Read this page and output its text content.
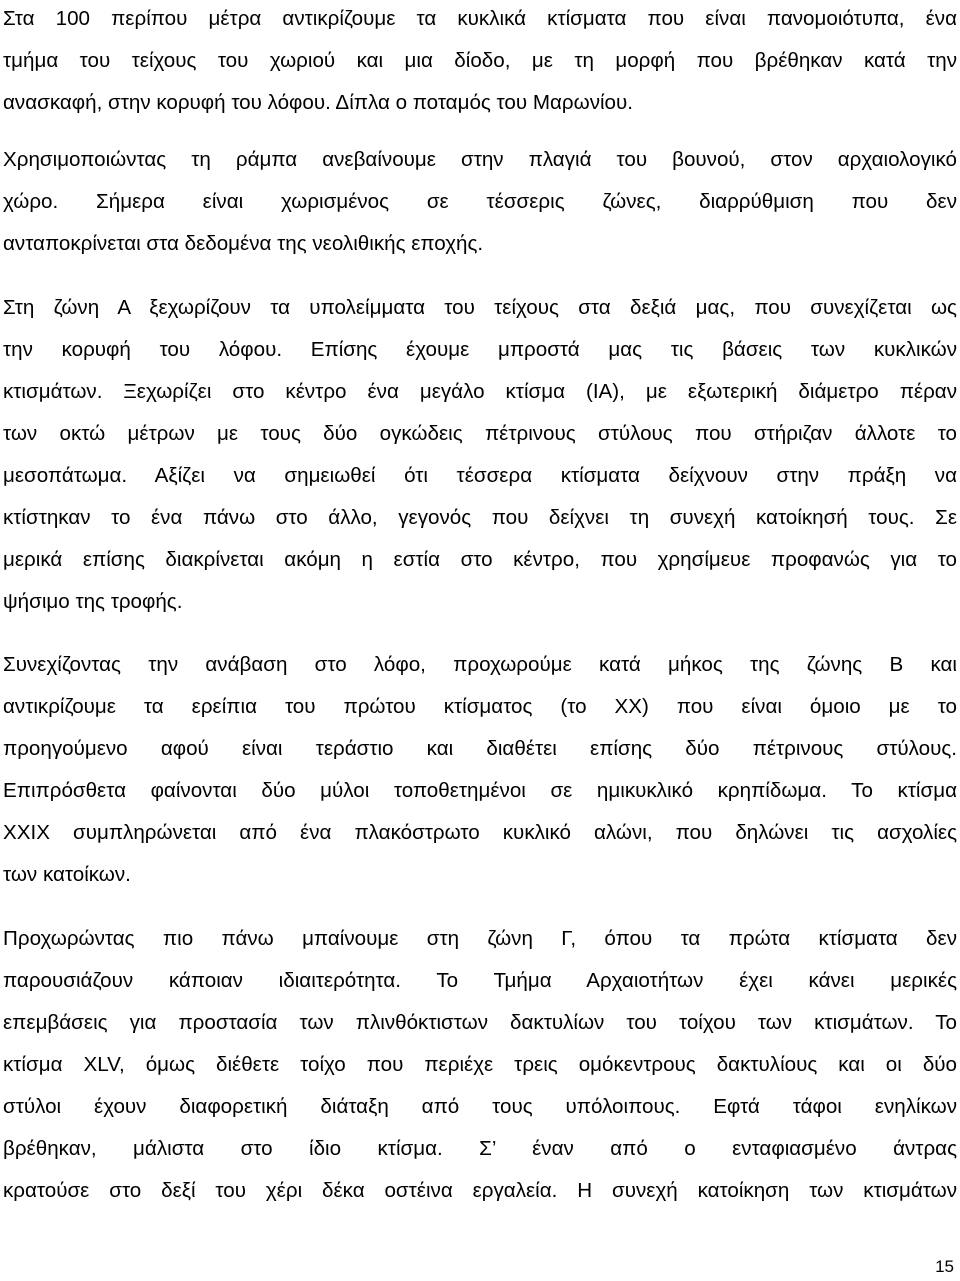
Στα 100 περίπου μέτρα αντικρίζουμε τα κυκλικά κτίσματα που είναι πανομοιότυπα, ένα
τμήμα του τείχους του χωριού και μια δίοδο, με τη μορφή που βρέθηκαν κατά την
ανασκαφή, στην κορυφή του λόφου. Δίπλα ο ποταμός του Μαρωνίου.
Χρησιμοποιώντας τη ράμπα ανεβαίνουμε στην πλαγιά του βουνού, στον αρχαιολογικό
χώρο. Σήμερα είναι χωρισμένος σε τέσσερις ζώνες, διαρρύθμιση που δεν
ανταποκρίνεται στα δεδομένα της νεολιθικής εποχής.
Στη ζώνη Α ξεχωρίζουν τα υπολείμματα του τείχους στα δεξιά μας, που συνεχίζεται ως
την κορυφή του λόφου. Επίσης έχουμε μπροστά μας τις βάσεις των κυκλικών
κτισμάτων. Ξεχωρίζει στο κέντρο ένα μεγάλο κτίσμα (ΙΑ), με εξωτερική διάμετρο πέραν
των οκτώ μέτρων με τους δύο ογκώδεις πέτρινους στύλους που στήριζαν άλλοτε το
μεσοπάτωμα. Αξίζει να σημειωθεί ότι τέσσερα κτίσματα δείχνουν στην πράξη να
κτίστηκαν το ένα πάνω στο άλλο, γεγονός που δείχνει τη συνεχή κατοίκησή τους. Σε
μερικά επίσης διακρίνεται ακόμη η εστία στο κέντρο, που χρησίμευε προφανώς για το
ψήσιμο της τροφής.
Συνεχίζοντας την ανάβαση στο λόφο, προχωρούμε κατά μήκος της ζώνης Β και
αντικρίζουμε τα ερείπια του πρώτου κτίσματος (το ΧΧ) που είναι όμοιο με το
προηγούμενο αφού είναι τεράστιο και διαθέτει επίσης δύο πέτρινους στύλους.
Επιπρόσθετα φαίνονται δύο μύλοι τοποθετημένοι σε ημικυκλικό κρηπίδωμα. Το κτίσμα
ΧΧΙΧ συμπληρώνεται από ένα πλακόστρωτο κυκλικό αλώνι, που δηλώνει τις ασχολίες
των κατοίκων.
Προχωρώντας πιο πάνω μπαίνουμε στη ζώνη Γ, όπου τα πρώτα κτίσματα δεν
παρουσιάζουν κάποιαν ιδιαιτερότητα. Το Τμήμα Αρχαιοτήτων έχει κάνει μερικές
επεμβάσεις για προστασία των πλινθόκτιστων δακτυλίων του τοίχου των κτισμάτων. Το
κτίσμα XLV, όμως διέθετε τοίχο που περιέχε τρεις ομόκεντρους δακτυλίους και οι δύο
στύλοι έχουν διαφορετική διάταξη από τους υπόλοιπους. Εφτά τάφοι ενηλίκων
βρέθηκαν, μάλιστα στο ίδιο κτίσμα. Σ’ έναν από ο ενταφιασμένο άντρας
κρατούσε στο δεξί του χέρι δέκα οστέινα εργαλεία. Η συνεχή κατοίκηση των κτισμάτων
15
